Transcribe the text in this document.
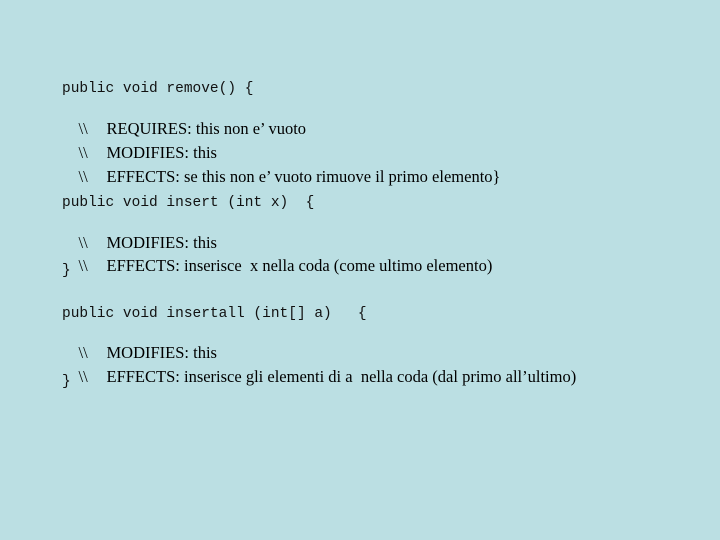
public void remove() {

\\ REQUIRES: this non e’ vuoto

\\ MODIFIES: this

\\ EFFECTS: se this non e’ vuoto rimuove il primo elemento}

public void insert (int x)  {

\\ MODIFIES: this

\\ EFFECTS: inserisce  x nella coda (come ultimo elemento)

}
public void insertall (int[] a)   {

\\ MODIFIES: this

\\ EFFECTS: inserisce gli elementi di a  nella coda (dal primo all’ultimo)

}
